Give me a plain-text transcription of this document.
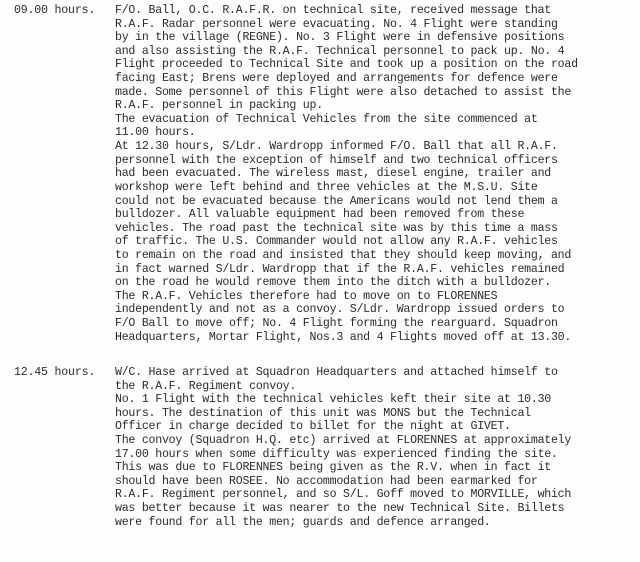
09.00 hours. F/O. Ball, O.C. R.A.F.R. on technical site, received message that
R.A.F. Radar personnel were evacuating. No. 4 Flight were standing
by in the village (REGNE). No. 3 Flight were in defensive positions
and also assisting the R.A.F. Technical personnel to pack up. No. 4
Flight proceeded to Technical Site and took up a position on the road
facing East; Brens were deployed and arrangements for defence were
made. Some personnel of this Flight were also detached to assist the
R.A.F. personnel in packing up.
The evacuation of Technical Vehicles from the site commenced at
11.00 hours.
At 12.30 hours, S/Ldr. Wardropp informed F/O. Ball that all R.A.F.
personnel with the exception of himself and two technical officers
had been evacuated. The wireless mast, diesel engine, trailer and
workshop were left behind and three vehicles at the M.S.U. Site
could not be evacuated because the Americans would not lend them a
bulldozer. All valuable equipment had been removed from these
vehicles. The road past the technical site was by this time a mass
of traffic. The U.S. Commander would not allow any R.A.F. vehicles
to remain on the road and insisted that they should keep moving, and
in fact warned S/Ldr. Wardropp that if the R.A.F. vehicles remained
on the road he would remove them into the ditch with a bulldozer.
The R.A.F. Vehicles therefore had to move on to FLORENNES
independently and not as a convoy. S/Ldr. Wardropp issued orders to
F/O Ball to move off; No. 4 Flight forming the rearguard. Squadron
Headquarters, Mortar Flight, Nos.3 and 4 Flights moved off at 13.30.
12.45 hours. W/C. Hase arrived at Squadron Headquarters and attached himself to
the R.A.F. Regiment convoy.
No. 1 Flight with the technical vehicles keft their site at 10.30
hours. The destination of this unit was MONS but the Technical
Officer in charge decided to billet for the night at GIVET.
The convoy (Squadron H.Q. etc) arrived at FLORENNES at approximately
17.00 hours when some difficulty was experienced finding the site.
This was due to FLORENNES being given as the R.V. when in fact it
should have been ROSEE. No accommodation had been earmarked for
R.A.F. Regiment personnel, and so S/L. Goff moved to MORVILLE, which
was better because it was nearer to the new Technical Site. Billets
were found for all the men; guards and defence arranged.
